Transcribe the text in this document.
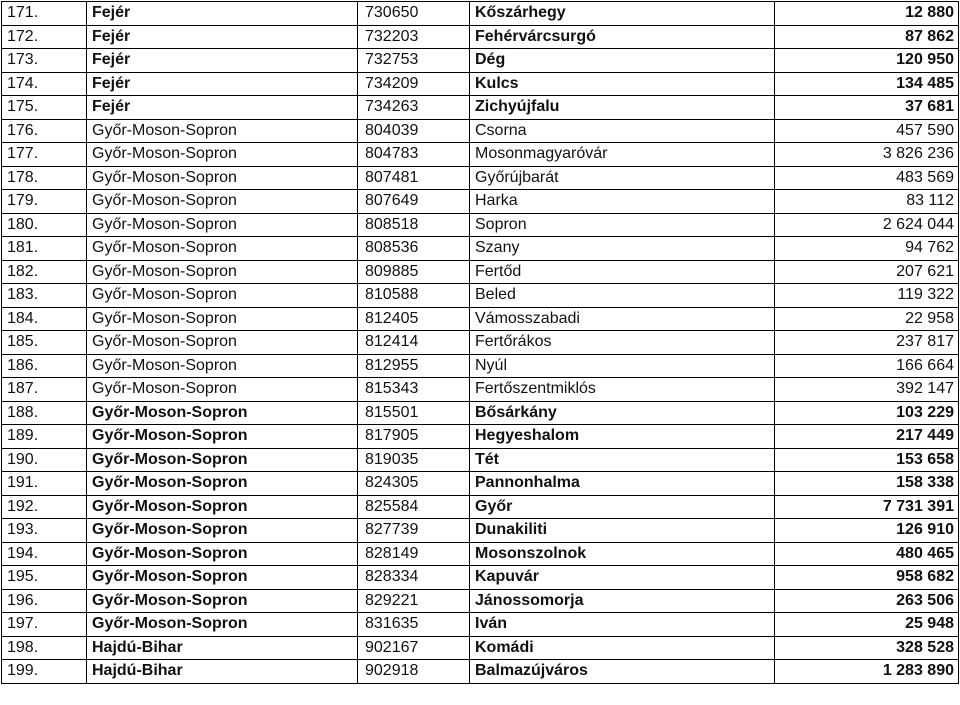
171.	Fejér	730650	Kőszárhegy	12 880
172.	Fejér	732203	Fehérvárcsurgó	87 862
173.	Fejér	732753	Dég	120 950
174.	Fejér	734209	Kulcs	134 485
175.	Fejér	734263	Zichyújfalu	37 681
176.	Győr-Moson-Sopron	804039	Csorna	457 590
177.	Győr-Moson-Sopron	804783	Mosonmagyaróvár	3 826 236
178.	Győr-Moson-Sopron	807481	Győrújbarát	483 569
179.	Győr-Moson-Sopron	807649	Harka	83 112
180.	Győr-Moson-Sopron	808518	Sopron	2 624 044
181.	Győr-Moson-Sopron	808536	Szany	94 762
182.	Győr-Moson-Sopron	809885	Fertőd	207 621
183.	Győr-Moson-Sopron	810588	Beled	119 322
184.	Győr-Moson-Sopron	812405	Vámosszabadi	22 958
185.	Győr-Moson-Sopron	812414	Fertőrákos	237 817
186.	Győr-Moson-Sopron	812955	Nyúl	166 664
187.	Győr-Moson-Sopron	815343	Fertőszentmiklós	392 147
188.	Győr-Moson-Sopron	815501	Bősárkány	103 229
189.	Győr-Moson-Sopron	817905	Hegyeshalom	217 449
190.	Győr-Moson-Sopron	819035	Tét	153 658
191.	Győr-Moson-Sopron	824305	Pannonhalma	158 338
192.	Győr-Moson-Sopron	825584	Győr	7 731 391
193.	Győr-Moson-Sopron	827739	Dunakiliti	126 910
194.	Győr-Moson-Sopron	828149	Mosonszolnok	480 465
195.	Győr-Moson-Sopron	828334	Kapuvár	958 682
196.	Győr-Moson-Sopron	829221	Jánossomorja	263 506
197.	Győr-Moson-Sopron	831635	Iván	25 948
198.	Hajdú-Bihar	902167	Komádi	328 528
199.	Hajdú-Bihar	902918	Balmazújváros	1 283 890
